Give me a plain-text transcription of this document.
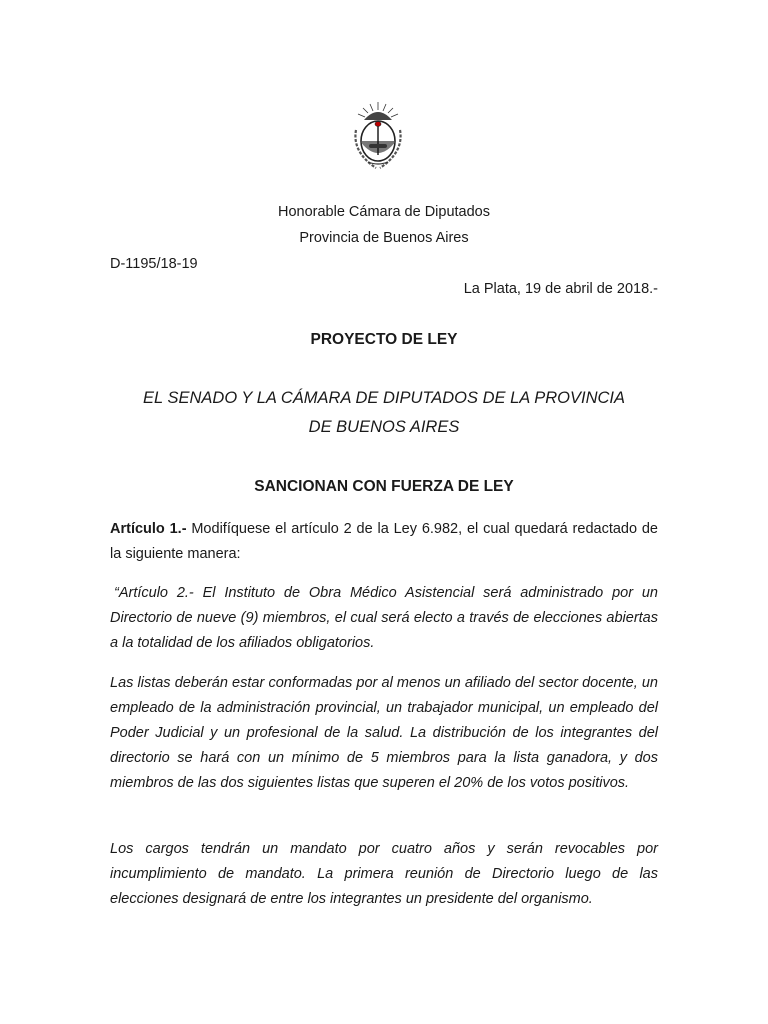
Honorable Cámara de Diputados
Provincia de Buenos Aires
D-1195/18-19
La Plata, 19 de abril de 2018.-
PROYECTO DE LEY
EL SENADO Y LA CÁMARA DE DIPUTADOS DE LA PROVINCIA
DE BUENOS AIRES
SANCIONAN CON FUERZA DE LEY
Artículo 1.- Modifíquese el artículo 2 de la Ley 6.982, el cual quedará redactado de la siguiente manera:
“Artículo 2.- El Instituto de Obra Médico Asistencial será administrado por un Directorio de nueve (9) miembros, el cual será electo a través de elecciones abiertas a la totalidad de los afiliados obligatorios.
Las listas deberán estar conformadas por al menos un afiliado del sector docente, un empleado de la administración provincial, un trabajador municipal, un empleado del Poder Judicial y un profesional de la salud. La distribución de los integrantes del directorio se hará con un mínimo de 5 miembros para la lista ganadora, y dos miembros de las dos siguientes listas que superen el 20% de los votos positivos.
Los cargos tendrán un mandato por cuatro años y serán revocables por incumplimiento de mandato. La primera reunión de Directorio luego de las elecciones designará de entre los integrantes un presidente del organismo.
